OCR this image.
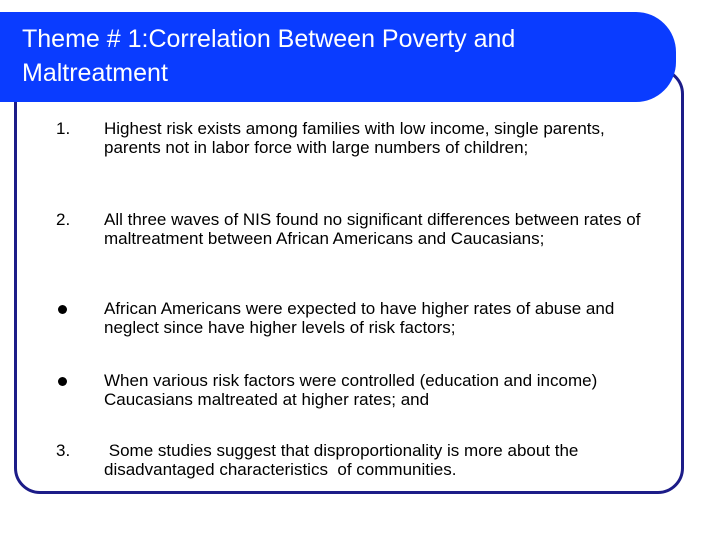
Theme # 1:Correlation Between Poverty and Maltreatment
1. Highest risk exists among families with low income, single parents, parents not in labor force with large numbers of children;

2. All three waves of NIS found no significant differences between rates of maltreatment between African Americans and Caucasians;

African Americans were expected to have higher rates of abuse and neglect since have higher levels of risk factors;

When various risk factors were controlled (education and income) Caucasians maltreated at higher rates; and

3. Some studies suggest that disproportionality is more about the disadvantaged characteristics  of communities.
